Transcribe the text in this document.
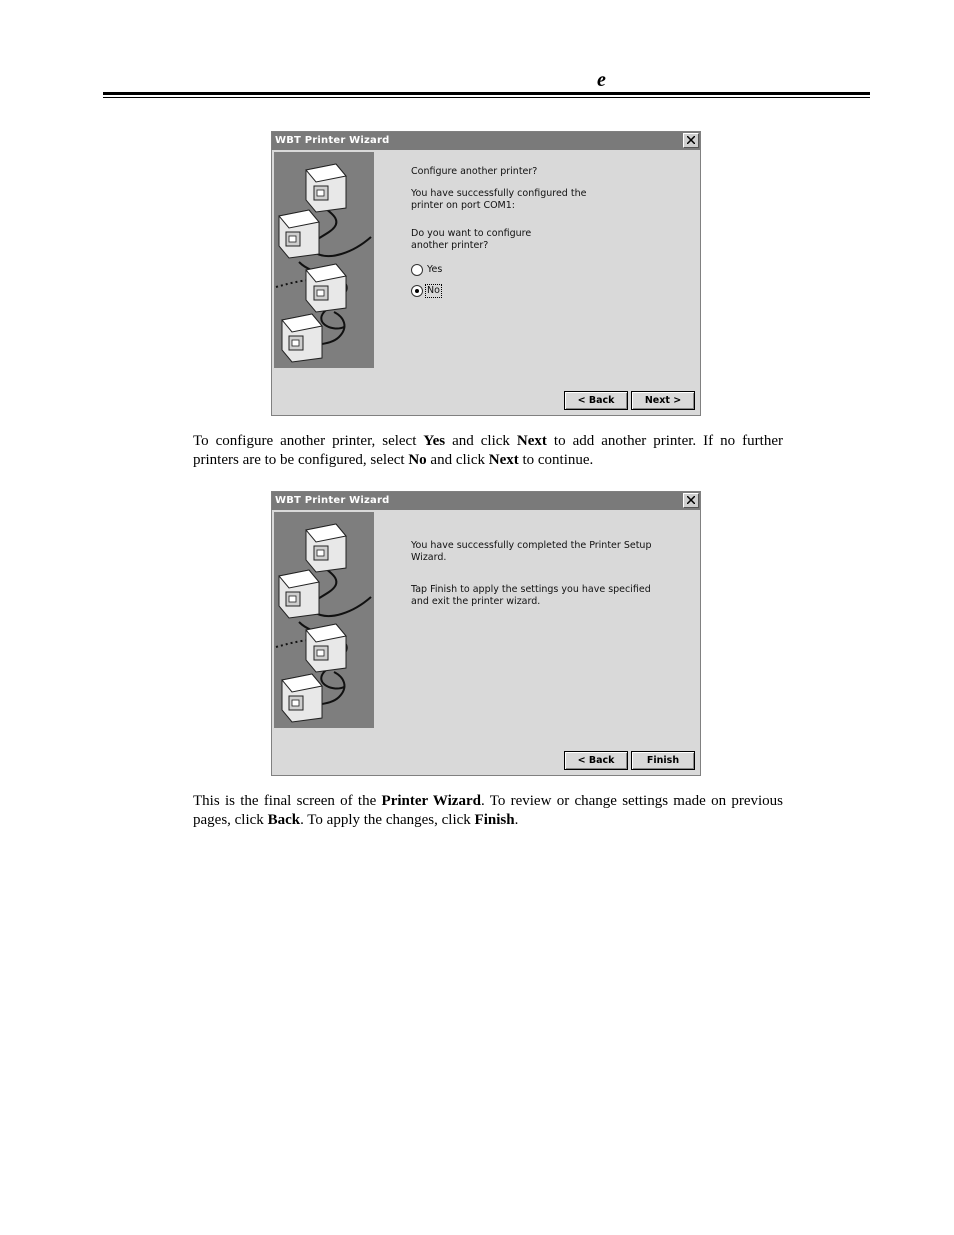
e
WBT Printer Wizard

Configure another printer?

You have successfully configured the
printer on port COM1:

Do you want to configure
another printer?

Yes
No
< Back	Next >
To configure another printer, select Yes and click Next to add another printer. If no further printers are to be configured, select No and click Next to continue.
WBT Printer Wizard

You have successfully completed the Printer Setup
Wizard.

Tap Finish to apply the settings you have specified
and exit the printer wizard.

< Back	Finish
This is the final screen of the Printer Wizard. To review or change settings made on previous pages, click Back. To apply the changes, click Finish.
